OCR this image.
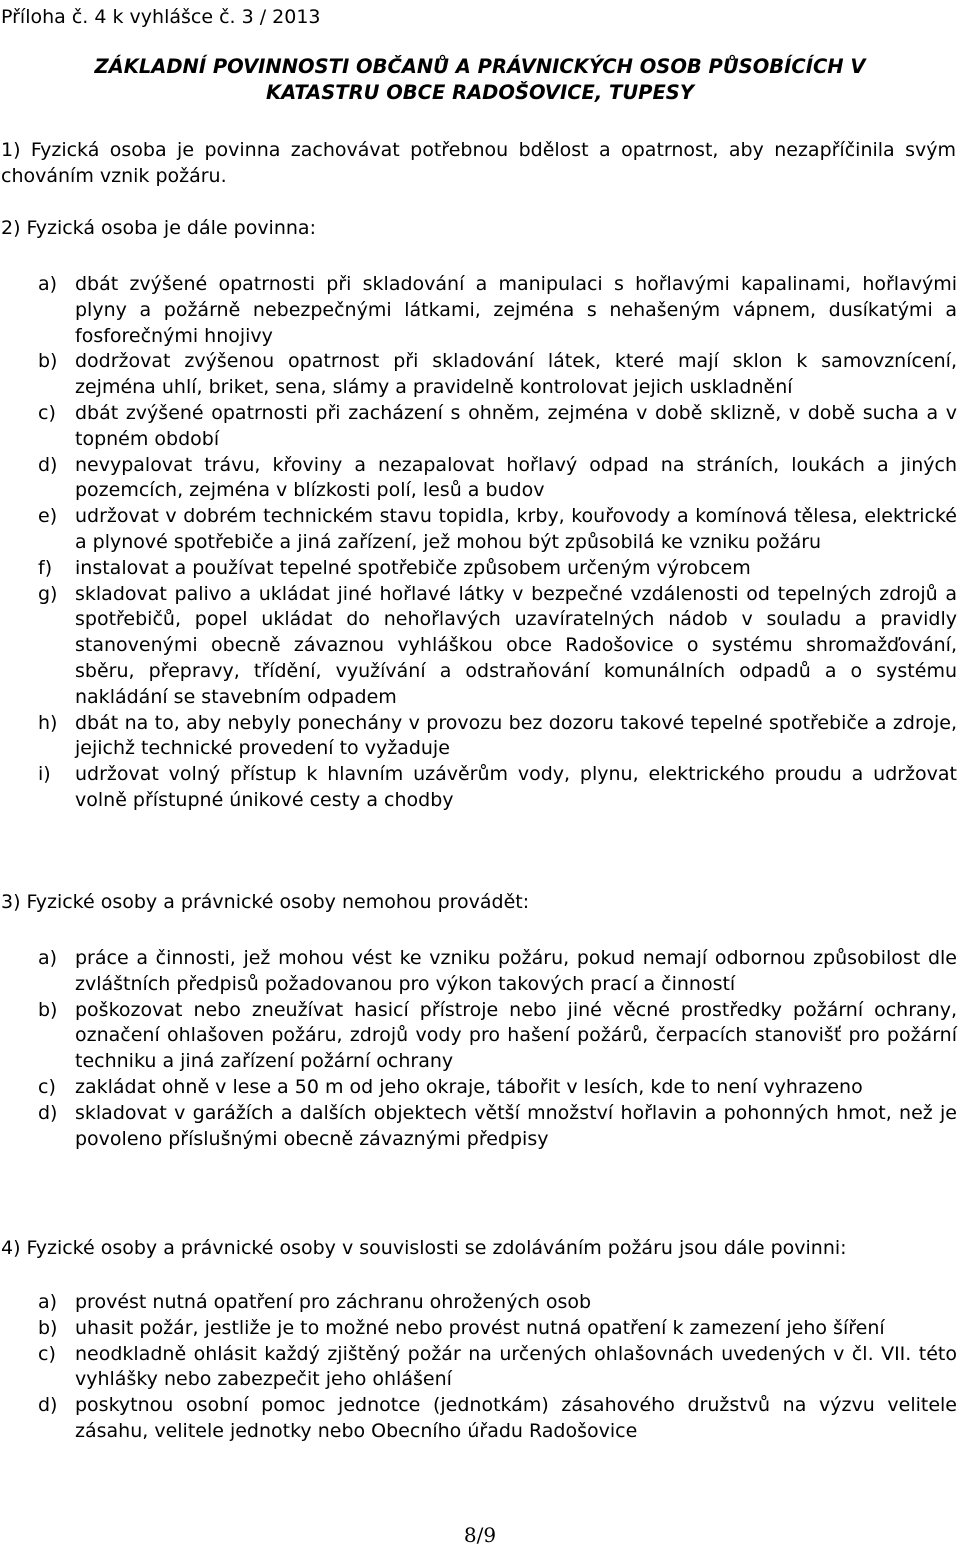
Příloha č. 4 k vyhlášce č. 3 / 2013

ZÁKLADNÍ POVINNOSTI OBČANŮ A PRÁVNICKÝCH OSOB PŮSOBÍCÍCH V
KATASTRU OBCE RADOŠOVICE, TUPESY

1) Fyzická osoba je povinna zachovávat potřebnou bdělost a opatrnost, aby nezapříčinila svým chováním vznik požáru.

2) Fyzická osoba je dále povinna:

a) dbát zvýšené opatrnosti při skladování a manipulaci s hořlavými kapalinami, hořlavými plyny a požárně nebezpečnými látkami, zejména s nehašeným vápnem, dusíkatými a fosforečnými hnojivy
b) dodržovat zvýšenou opatrnost při skladování látek, které mají sklon k samovznícení, zejména uhlí, briket, sena, slámy a pravidelně kontrolovat jejich uskladnění
c) dbát zvýšené opatrnosti při zacházení s ohněm, zejména v době sklizně, v době sucha a v topném období
d) nevypalovat trávu, křoviny a nezapalovat hořlavý odpad na stráních, loukách a jiných pozemcích, zejména v blízkosti polí, lesů a budov
e) udržovat v dobrém technickém stavu topidla, krby, kouřovody a komínová tělesa, elektrické a plynové spotřebiče a jiná zařízení, jež mohou být způsobilá ke vzniku požáru
f) instalovat a používat tepelné spotřebiče způsobem určeným výrobcem
g) skladovat palivo a ukládat jiné hořlavé látky v bezpečné vzdálenosti od tepelných zdrojů a spotřebičů, popel ukládat do nehořlavých uzavíratelných nádob v souladu a pravidly stanovenými obecně závaznou vyhláškou obce Radošovice o systému shromažďování, sběru, přepravy, třídění, využívání a odstraňování komunálních odpadů a o systému nakládání se stavebním odpadem
h) dbát na to, aby nebyly ponechány v provozu bez dozoru takové tepelné spotřebiče a zdroje, jejichž technické provedení to vyžaduje
i) udržovat volný přístup k hlavním uzávěrům vody, plynu, elektrického proudu a udržovat volně přístupné únikové cesty a chodby

3) Fyzické osoby a právnické osoby nemohou provádět:

a) práce a činnosti, jež mohou vést ke vzniku požáru, pokud nemají odbornou způsobilost dle zvláštních předpisů požadovanou pro výkon takových prací a činností
b) poškozovat nebo zneužívat hasicí přístroje nebo jiné věcné prostředky požární ochrany, označení ohlašoven požáru, zdrojů vody pro hašení požárů, čerpacích stanovišť pro požární techniku a jiná zařízení požární ochrany
c) zakládat ohně v lese a 50 m od jeho okraje, tábořit v lesích, kde to není vyhrazeno
d) skladovat v garážích a dalších objektech větší množství hořlavin a pohonných hmot, než je povoleno příslušnými obecně závaznými předpisy

4) Fyzické osoby a právnické osoby v souvislosti se zdoláváním požáru jsou dále povinni:

a) provést nutná opatření pro záchranu ohrožených osob
b) uhasit požár, jestliže je to možné nebo provést nutná opatření k zamezení jeho šíření
c) neodkladně ohlásit každý zjištěný požár na určených ohlašovnách uvedených v čl. VII. této vyhlášky nebo zabezpečit jeho ohlášení
d) poskytnou osobní pomoc jednotce (jednotkám) zásahového družstvů na výzvu velitele zásahu, velitele jednotky nebo Obecního úřadu Radošovice

8/9
